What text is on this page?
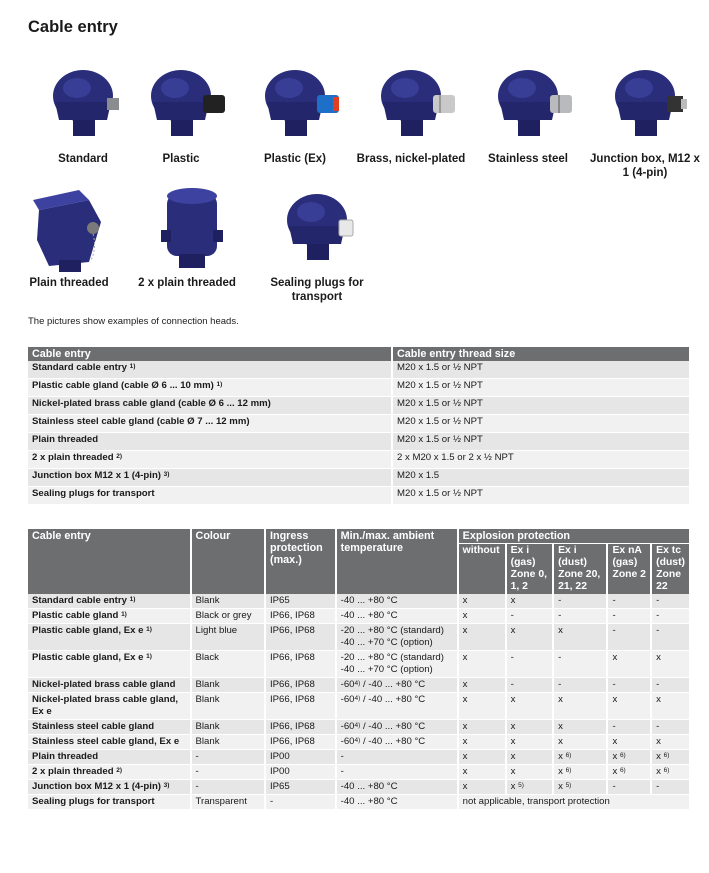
Cable entry
Standard	Plastic	Plastic (Ex)	Brass, nickel-plated	Stainless steel	Junction box, M12 x 1 (4-pin)
Plain threaded	2 x plain threaded	Sealing plugs for transport
The pictures show examples of connection heads.
Cable entry	Cable entry thread size
Standard cable entry $^{1)}$	M20 x 1.5 or ½ NPT
Plastic cable gland (cable Ø 6 ... 10 mm) $^{1)}$	M20 x 1.5 or ½ NPT
Nickel-plated brass cable gland (cable Ø 6 ... 12 mm)	M20 x 1.5 or ½ NPT
Stainless steel cable gland (cable Ø 7 ... 12 mm)	M20 x 1.5 or ½ NPT
Plain threaded	M20 x 1.5 or ½ NPT
2 x plain threaded $^{2)}$	2 x M20 x 1.5 or 2 x ½ NPT
Junction box M12 x 1 (4-pin) $^{3)}$	M20 x 1.5
Sealing plugs for transport	M20 x 1.5 or ½ NPT
Cable entry	Colour	Ingress protection (max.)	Min./max. ambient temperature	Explosion protection				
				without	Ex i (gas) Zone 0, 1, 2	Ex i (dust) Zone 20, 21, 22	Ex nA (gas) Zone 2	Ex tc (dust) Zone 22
Standard cable entry $^{1)}$	Blank	IP65	-40 ... +80 °C	x	x	-	-	-
Plastic cable gland $^{1)}$	Black or grey	IP66, IP68	-40 ... +80 °C	x	-	-	-	-
Plastic cable gland, Ex e $^{1)}$	Light blue	IP66, IP68	-20 ... +80 °C (standard)
-40 ... +70 °C (option)	x	x	x	-	-
Plastic cable gland, Ex e $^{1)}$	Black	IP66, IP68	-20 ... +80 °C (standard)
-40 ... +70 °C (option)	x	-	-	x	x
Nickel-plated brass cable gland	Blank	IP66, IP68	-60$^{4)}$ / -40 ... +80 °C	x	-	-	-	-
Nickel-plated brass cable gland, Ex e	Blank	IP66, IP68	-60$^{4)}$ / -40 ... +80 °C	x	x	x	x	x
Stainless steel cable gland	Blank	IP66, IP68	-60$^{4)}$ / -40 ... +80 °C	x	x	x	-	-
Stainless steel cable gland, Ex e	Blank	IP66, IP68	-60$^{4)}$ / -40 ... +80 °C	x	x	x	x	x
Plain threaded	-	IP00	-	x	x	x $^{6)}$	x $^{6)}$	x $^{6)}$
2 x plain threaded $^{2)}$	-	IP00	-	x	x	x $^{6)}$	x $^{6)}$	x $^{6)}$
Junction box M12 x 1 (4-pin) $^{3)}$	-	IP65	-40 ... +80 °C	x	x $^{5)}$	x $^{5)}$	-	-
Sealing plugs for transport	Transparent	-	-40 ... +80 °C	not applicable, transport protection				
